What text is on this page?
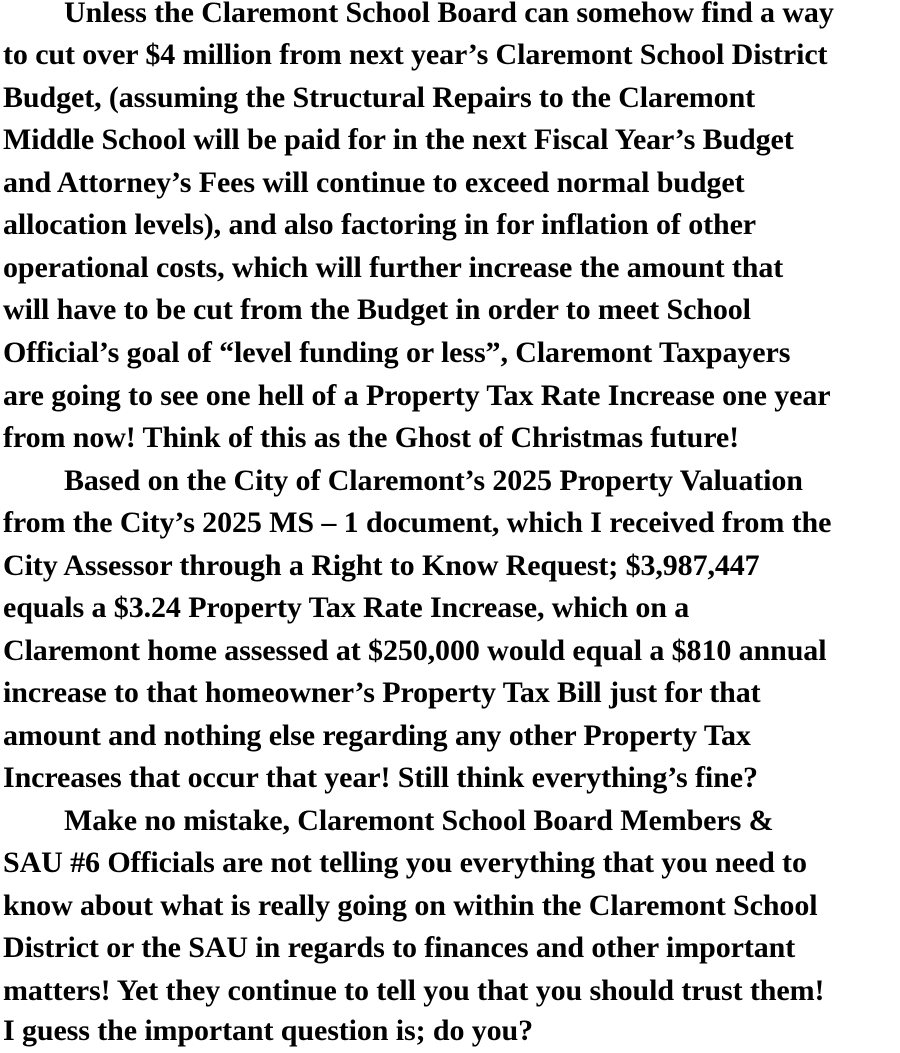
Unless the Claremont School Board can somehow find a way
to cut over $4 million from next year’s Claremont School District
Budget, (assuming the Structural Repairs to the Claremont
Middle School will be paid for in the next Fiscal Year’s Budget
and Attorney’s Fees will continue to exceed normal budget
allocation levels), and also factoring in for inflation of other
operational costs, which will further increase the amount that
will have to be cut from the Budget in order to meet School
Official’s goal of “level funding or less”, Claremont Taxpayers
are going to see one hell of a Property Tax Rate Increase one year
from now! Think of this as the Ghost of Christmas future!
Based on the City of Claremont’s 2025 Property Valuation
from the City’s 2025 MS – 1 document, which I received from the
City Assessor through a Right to Know Request; $3,987,447
equals a $3.24 Property Tax Rate Increase, which on a
Claremont home assessed at $250,000 would equal a $810 annual
increase to that homeowner’s Property Tax Bill just for that
amount and nothing else regarding any other Property Tax
Increases that occur that year! Still think everything’s fine?
Make no mistake, Claremont School Board Members &
SAU #6 Officials are not telling you everything that you need to
know about what is really going on within the Claremont School
District or the SAU in regards to finances and other important
matters! Yet they continue to tell you that you should trust them!
I guess the important question is; do you?
